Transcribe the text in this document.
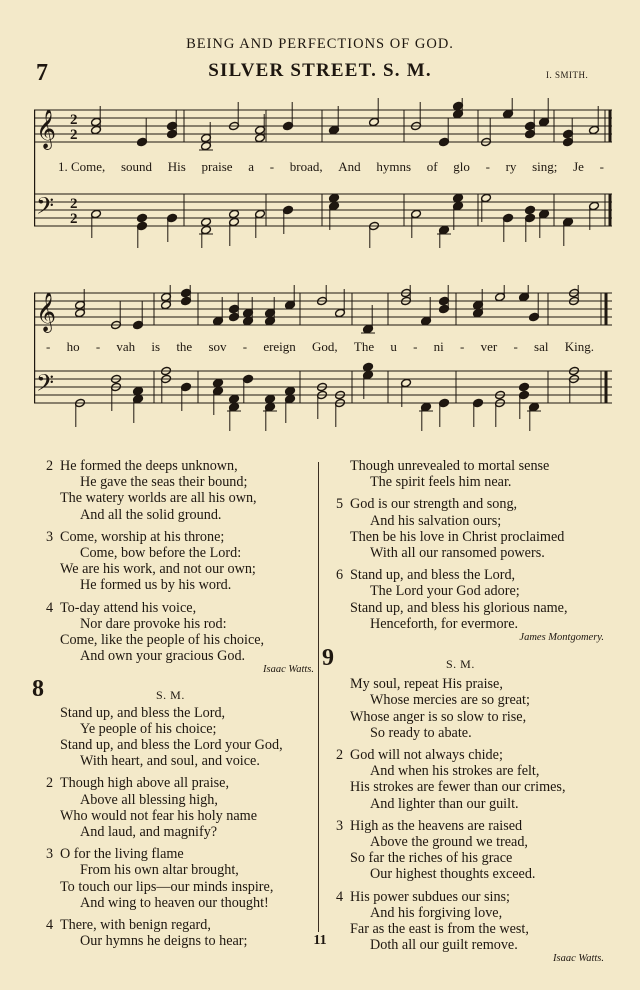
BEING AND PERFECTIONS OF GOD.
7	SILVER STREET. S. M.	I. SMITH.
𝄞
𝄢
2
2
2
2
1. Come, sound His praise a - broad, And hymns of glo - ry sing; Je -
𝄞
𝄢
- ho - vah is the sov - ereign God, The u - ni - ver - sal King.
2 He formed the deeps unknown,
He gave the seas their bound;
The watery worlds are all his own,
And all the solid ground.
3 Come, worship at his throne;
Come, bow before the Lord:
We are his work, and not our own;
He formed us by his word.
4 To-day attend his voice,
Nor dare provoke his rod:
Come, like the people of his choice,
And own your gracious God.
Isaac Watts.
8	S. M.
Stand up, and bless the Lord,
Ye people of his choice;
Stand up, and bless the Lord your God,
With heart, and soul, and voice.
2 Though high above all praise,
Above all blessing high,
Who would not fear his holy name
And laud, and magnify?
3 O for the living flame
From his own altar brought,
To touch our lips—our minds inspire,
And wing to heaven our thought!
4 There, with benign regard,
Our hymns he deigns to hear;
Though unrevealed to mortal sense
The spirit feels him near.
5 God is our strength and song,
And his salvation ours;
Then be his love in Christ proclaimed
With all our ransomed powers.
6 Stand up, and bless the Lord,
The Lord your God adore;
Stand up, and bless his glorious name,
Henceforth, for evermore.
James Montgomery.
9	S. M.
My soul, repeat His praise,
Whose mercies are so great;
Whose anger is so slow to rise,
So ready to abate.
2 God will not always chide;
And when his strokes are felt,
His strokes are fewer than our crimes,
And lighter than our guilt.
3 High as the heavens are raised
Above the ground we tread,
So far the riches of his grace
Our highest thoughts exceed.
4 His power subdues our sins;
And his forgiving love,
Far as the east is from the west,
Doth all our guilt remove.
Isaac Watts.
11
